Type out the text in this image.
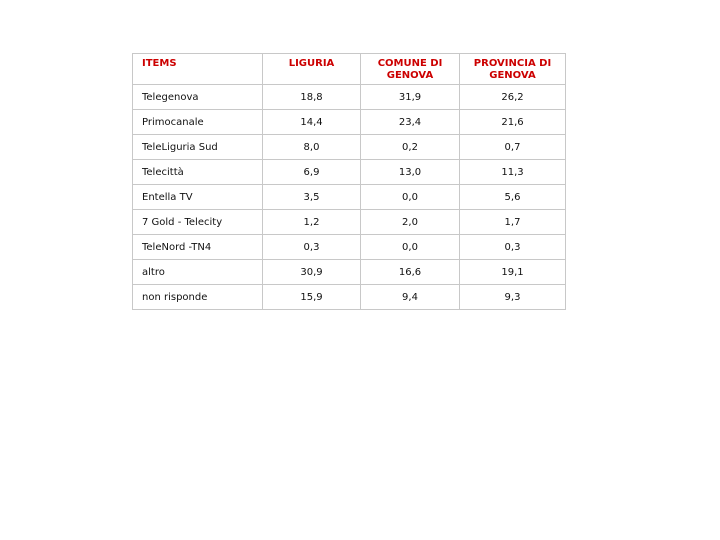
ITEMS	LIGURIA	COMUNE DI GENOVA	PROVINCIA DI GENOVA
Telegenova	18,8	31,9	26,2
Primocanale	14,4	23,4	21,6
TeleLiguria Sud	8,0	0,2	0,7
Telecittà	6,9	13,0	11,3
Entella TV	3,5	0,0	5,6
7 Gold - Telecity	1,2	2,0	1,7
TeleNord -TN4	0,3	0,0	0,3
altro	30,9	16,6	19,1
non risponde	15,9	9,4	9,3
